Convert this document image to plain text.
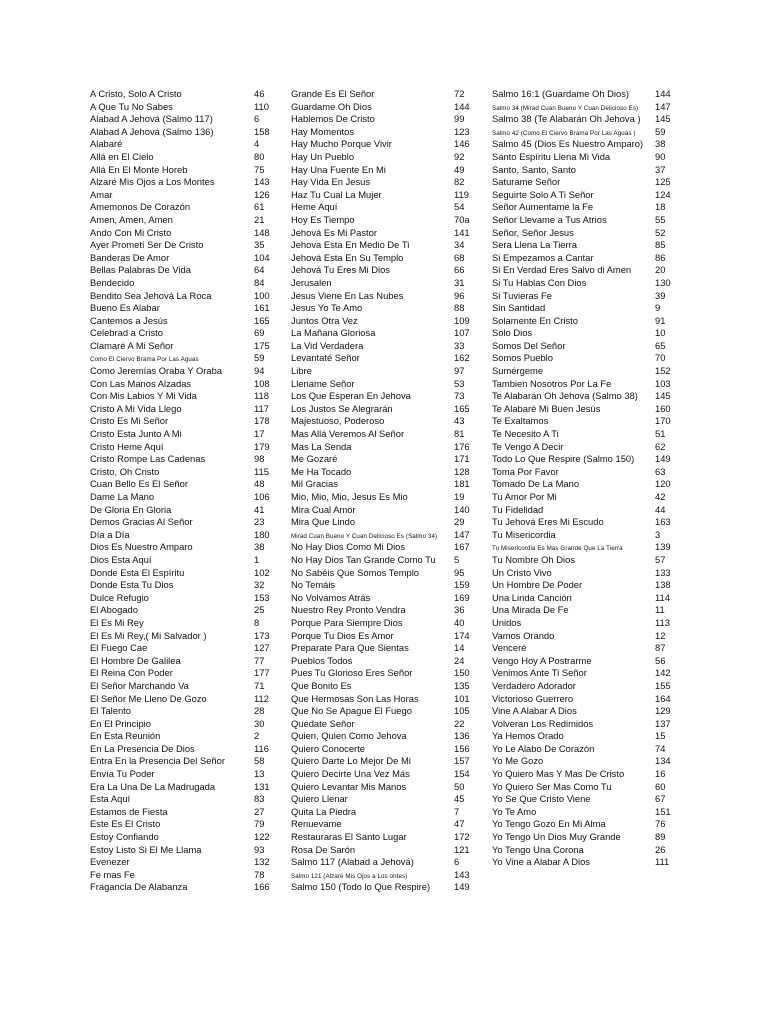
A Cristo, Solo A Cristo	46
A Que Tu No Sabes	110
Alabad A Jehová (Salmo 117)	6
Alabad A Jehová (Salmo 136)	158
Alabaré	4
Allá en El Cielo	80
Allá En El Monte Horeb	75
Alzaré Mis Ojos a Los Montes	143
Amar	126
Amemonos De Corazón	61
Amen, Amen, Amen	21
Ando Con Mi Cristo	148
Ayer Prometí Ser De Cristo	35
Banderas De Amor	104
Bellas Palabras De Vida	64
Bendecido	84
Bendito Sea Jehová La Roca	100
Bueno Es Alabar	161
Cantemos a Jesús	165
Celebrad a Cristo	69
Clamaré A Mi Señor	175
Como El Ciervo Brama Por Las Aguas	59
Como Jeremías Oraba Y Oraba	94
Con Las Manos Alzadas	108
Con Mis Labios Y Mi Vida	118
Cristo A Mi Vida Llego	117
Cristo Es Mi Señor	178
Cristo Esta Junto A Mi	17
Cristo Heme Aquí	179
Cristo Rompe Las Cadenas	98
Cristo, Oh Cristo	115
Cuan Bello Es El Señor	48
Dame La Mano	106
De Gloria En Gloria	41
Demos Gracias Al Señor	23
Día a Día	180
Dios Es Nuestro Amparo	38
Dios Esta Aquí	1
Donde Esta El Espíritu	102
Donde Esta Tu Dios	32
Dulce Refugio	153
El Abogado	25
El Es Mi Rey	8
El Es Mi Rey,( Mi Salvador )	173
El Fuego Cae	127
El Hombre De Galilea	77
El Reina Con Poder	177
El Señor Marchando Va	71
El Señor Me Lleno De Gozo	112
El Talento	28
En El Principio	30
En Esta Reunión	2
En La Presencia De Dios	116
Entra En la Presencia Del Señor	58
Envía Tu Poder	13
Era La Una De La Madrugada	131
Esta Aquí	83
Estamos de Fiesta	27
Este Es El Cristo	79
Estoy Confiando	122
Estoy Listo Si El Me Llama	93
Evenezer	132
Fe mas Fe	78
Fragancia De Alabanza	166
Grande Es El Señor	72
Guardame Oh Dios	144
Hablemos De Cristo	99
Hay Momentos	123
Hay Mucho Porque Vivir	146
Hay Un Pueblo	92
Hay Una Fuente En Mi	49
Hay Vida En Jesus	82
Haz Tu Cual La Mujer	119
Heme Aquí	54
Hoy Es Tiempo	70a
Jehová Es Mi Pastor	141
Jehova Esta En Medio De Ti	34
Jehová Esta En Su Templo	68
Jehová Tu Eres Mi Dios	66
Jerusalen	31
Jesus Viene En Las Nubes	96
Jesus Yo Te Amo	88
Juntos Otra Vez	109
La Mañana Gloriosa	107
La Vid Verdadera	33
Levantaté Señor	162
Libre	97
Llename Señor	53
Los Que Esperan En Jehova	73
Los Justos Se Alegrarán	165
Majestuoso, Poderoso	43
Mas Allá Veremos Al Señor	81
Mas La Senda	176
Me Gozaré	171
Me Ha Tocado	128
Mil Gracias	181
Mio, Mio, Mio, Jesus Es Mio	19
Mira Cual Amor	140
Mira Que Lindo	29
Mirad Cuan Bueno Y Cuan Delicioso Es (Salmo 34) 147
No Hay Dios Como Mi Dios	167
No Hay Dios Tan Grande Como Tu 5
No Sabéis Que Somos Templo	95
No Temáis	159
No Volvamos Atrás	169
Nuestro Rey Pronto Vendra	36
Porque Para Siempre Dios	40
Porque Tu Dios Es Amor	174
Preparate Para Que Sientas	14
Pueblos Todos	24
Pues Tu Glorioso Eres Señor	150
Que Bonito Es	135
Que Hermosas Son Las Horas	101
Que No Se Apague El Fuego	105
Quedate Señor	22
Quien, Quien Como Jehova	136
Quiero Conocerte	156
Quiero Darte Lo Mejor De Mi	157
Quiero Decirte Una Vez Más	154
Quiero Levantar Mis Manos	50
Quiero Llenar	45
Quita La Piedra	7
Renuevame	47
Restauraras El Santo Lugar	172
Rosa De Sarón	121
Salmo 117 (Alabad a Jehová)	6
Salmo 121 (Alzaré Mis Ojos a Los ontes)	143
Salmo 150 (Todo lo Que Respire)	149
Salmo 16:1 (Guardame Oh Dios)	144
Salmo 34 (Mirad Cuan Bueno Y Cuan Delicioso Es) 147
Salmo 38 (Te Alabarán Oh Jehova ) 145
Salmo 42 (Como El Ciervo Brama Por Las Aguas ) 59
Salmo 45 (Dios Es Nuestro Amparo) 38
Santo Espíritu Llena Mi Vida	90
Santo, Santo, Santo	37
Saturame Señor	125
Seguirte Solo A Ti Señor	124
Señor Aumentame la Fe	18
Señor Llevame a Tus Atrios	55
Señor, Señor Jesus	52
Sera Llena La Tierra	85
Si Empezamos a Cantar	86
Si En Verdad Eres Salvo di Amen	20
Si Tu Hablas Con Dios	130
Si Tuvieras Fe	39
Sin Santidad	9
Solamente En Cristo	91
Solo Dios	10
Somos Del Señor	65
Somos Pueblo	70
Sumérgeme	152
Tambien Nosotros Por La Fe	103
Te Alabarán Oh Jehova (Salmo 38) 145
Te Alabaré Mi Buen Jesús	160
Te Exaltamos	170
Te Necesito A Ti	51
Te Vengo A Decir	62
Todo Lo Que Respire (Salmo 150) 149
Toma Por Favor	63
Tomado De La Mano	120
Tu Amor Por Mi	42
Tu Fidelidad	44
Tu Jehová Eres Mi Escudo	163
Tu Misericordia	3
Tu Misericordia Es Mas Grande Que La Tierra	139
Tu Nombre Oh Dios	57
Un Cristo Vivo	133
Un Hombre De Poder	138
Una Linda Canción	114
Una Mirada De Fe	11
Unidos	113
Vamos Orando	12
Venceré	87
Vengo Hoy A Postrarme	56
Venimos Ante Ti Señor	142
Verdadero Adorador	155
Victorioso Guerrero	164
Vine A Alabar A Dios	129
Volveran Los Redimidos	137
Ya Hemos Orado	15
Yo Le Alabo De Corazón	74
Yo Me Gozo	134
Yo Quiero Mas Y Mas De Cristo	16
Yo Quiero Ser Mas Como Tu	60
Yo Se Que Cristo Viene	67
Yo Te Amo	151
Yo Tengo Gozo En Mi Alma	76
Yo Tengo Un Dios Muy Grande	89
Yo Tengo Una Corona	26
Yo Vine a Alabar A Dios	111
